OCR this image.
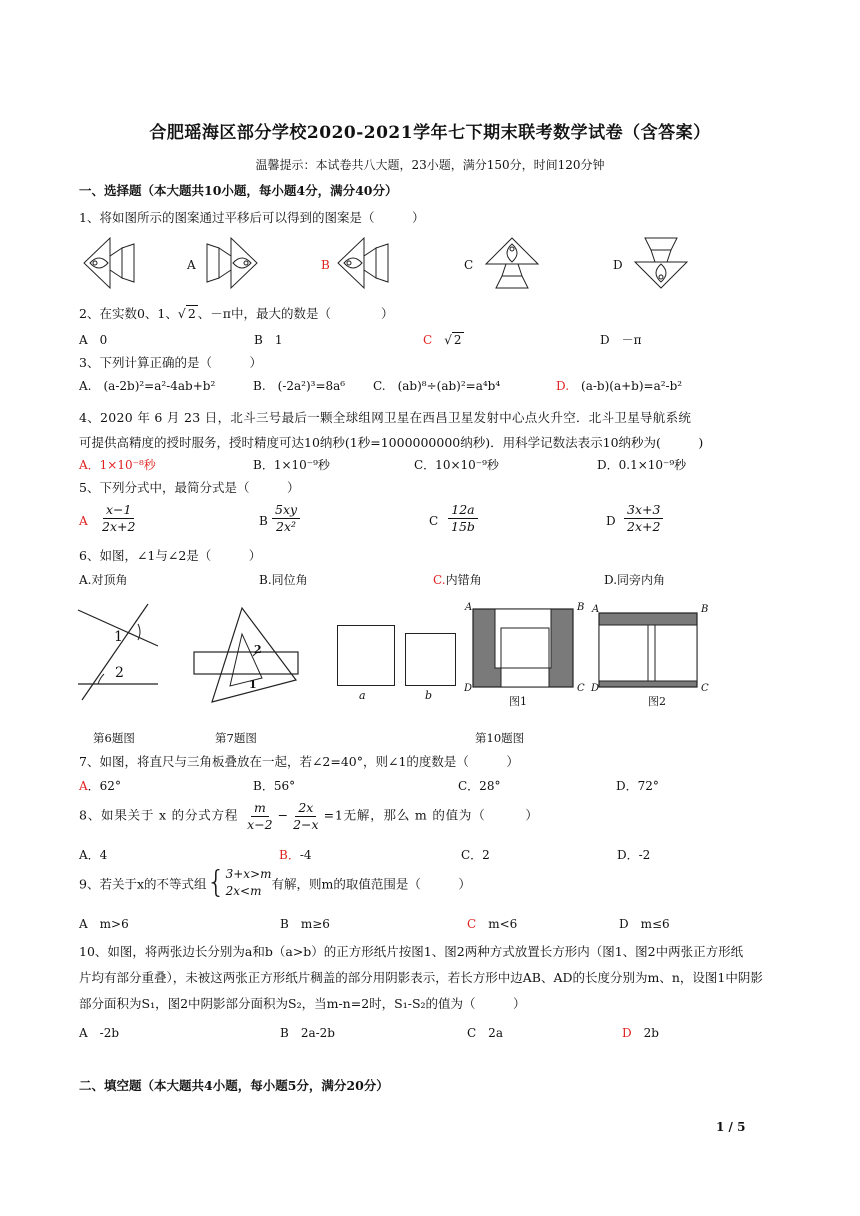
合肥瑶海区部分学校2020-2021学年七下期末联考数学试卷（含答案）
温馨提示：本试卷共八大题，23小题，满分150分，时间120分钟
一、选择题（本大题共10小题，每小题4分，满分40分）
1、将如图所示的图案通过平移后可以得到的图案是（　　　）
A	B	C	D
2、在实数0、1、√ 2 、－π中，最大的数是（　　　　）
A　0	B　1	C　 √ 2	D　－π
3、下列计算正确的是（　　　）
A.　(a-2b)²=a²-4ab+b²	B.　(-2a²)³=8a⁶ C.　(ab)⁸÷(ab)²=a⁴b⁴	D.　 (a-b)(a+b)=a²-b²
4、2020 年 6 月 23 日，北斗三号最后一颗全球组网卫星在西昌卫星发射中心点火升空．北斗卫星导航系统
可提供高精度的授时服务，授时精度可达10纳秒(1秒=1000000000纳秒)．用科学记数法表示10纳秒为(　　　)
A．1×10⁻⁸秒	B．1×10⁻⁹秒	C．10×10⁻⁹秒	D．0.1×10⁻⁹秒
5、下列分式中，最简分式是（　　　）
A $\frac{x-1}{2x+2}$	B $\frac{5xy}{\text{2x²}}$	C $\frac{12a}{15b}$	D $\frac{3x+3}{2x+2}$
6、如图，∠1与∠2是（　　　）
A.对顶角	B.同位角	C.内错角	D.同旁内角
1
2
2
1
a	b
A	B
C
D
图1
A	B
C
D
图2
第6题图	第7题图	第10题图
7、如图，将直尺与三角板叠放在一起，若∠2=40°，则∠1的度数是（　　　）
A．62°	B．56°	C．28°	D．72°
8、如果关于 x 的分式方程 $\frac{m}{x-2} - \frac{2x}{2-x} =1$无解，那么 m 的值为（　　　）
A．4	B．-4	C．2	D．-2
9、若关于x的不等式组 { 3+x>m
2x<m 有解，则m的取值范围是（　　　）
A　m>6	B　m≥6	C　 m<6	D　m≤6
10、如图，将两张边长分别为a和b（a>b）的正方形纸片按图1、图2两种方式放置长方形内（图1、图2中两张正方形纸
片均有部分重叠），未被这两张正方形纸片稠盖的部分用阴影表示，若长方形中边AB、AD的长度分别为m、n，设图1中阴影
部分面积为S₁，图2中阴影部分面积为S₂，当m-n=2时，S₁-S₂的值为（　　　）
A　-2b	B　2a-2b	C　2a	D　 2b
二、填空题（本大题共4小题，每小题5分，满分20分）
1 / 5
